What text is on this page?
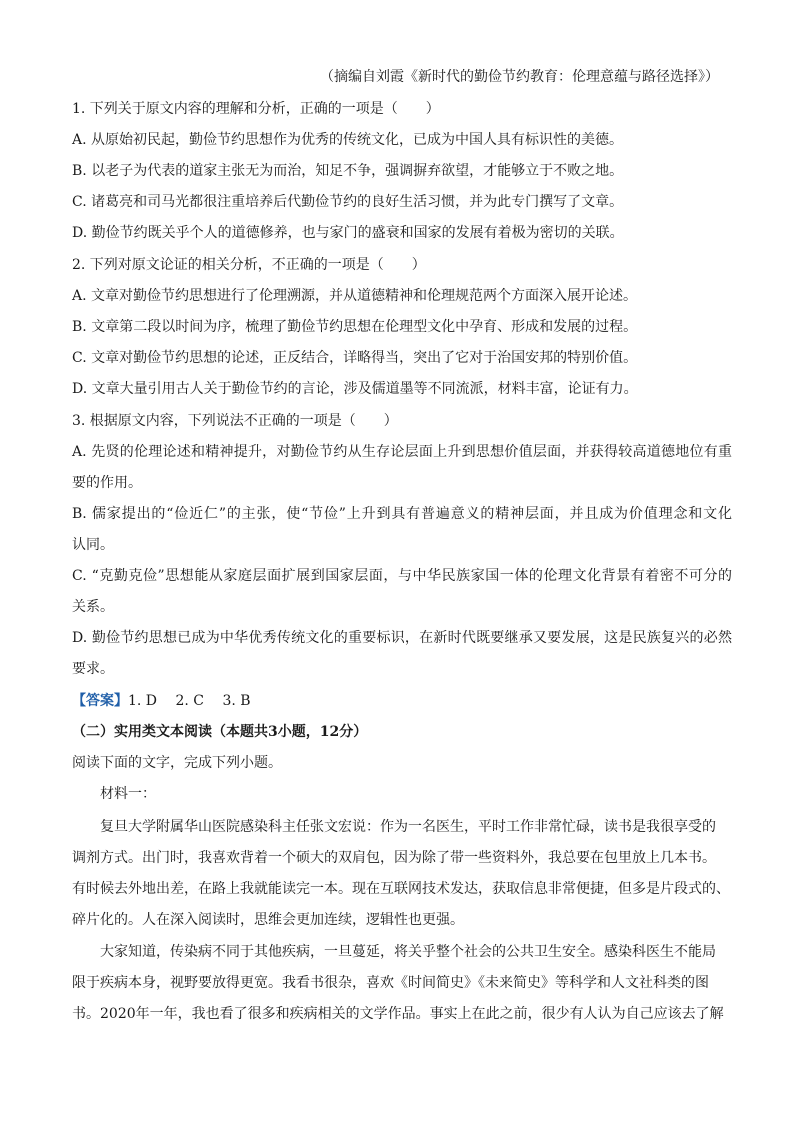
（摘编自刘霞《新时代的勤俭节约教育：伦理意蕴与路径选择》）
1. 下列关于原文内容的理解和分析，正确的一项是（　　）
A. 从原始初民起，勤俭节约思想作为优秀的传统文化，已成为中国人具有标识性的美德。
B. 以老子为代表的道家主张无为而治，知足不争，强调摒弃欲望，才能够立于不败之地。
C. 诸葛亮和司马光都很注重培养后代勤俭节约的良好生活习惯，并为此专门撰写了文章。
D. 勤俭节约既关乎个人的道德修养，也与家门的盛衰和国家的发展有着极为密切的关联。
2. 下列对原文论证的相关分析，不正确的一项是（　　）
A. 文章对勤俭节约思想进行了伦理溯源，并从道德精神和伦理规范两个方面深入展开论述。
B. 文章第二段以时间为序，梳理了勤俭节约思想在伦理型文化中孕育、形成和发展的过程。
C. 文章对勤俭节约思想的论述，正反结合，详略得当，突出了它对于治国安邦的特别价值。
D. 文章大量引用古人关于勤俭节约的言论，涉及儒道墨等不同流派，材料丰富，论证有力。
3. 根据原文内容，下列说法不正确的一项是（　　）
A. 先贤的伦理论述和精神提升，对勤俭节约从生存论层面上升到思想价值层面，并获得较高道德地位有重
要的作用。
B. 儒家提出的“俭近仁”的主张，使“节俭”上升到具有普遍意义的精神层面，并且成为价值理念和文化
认同。
C. “克勤克俭”思想能从家庭层面扩展到国家层面，与中华民族家国一体的伦理文化背景有着密不可分的
关系。
D. 勤俭节约思想已成为中华优秀传统文化的重要标识，在新时代既要继承又要发展，这是民族复兴的必然
要求。
【答案】1. D　 2. C　 3. B
（二）实用类文本阅读（本题共3小题，12分）
阅读下面的文字，完成下列小题。
材料一：
复旦大学附属华山医院感染科主任张文宏说：作为一名医生，平时工作非常忙碌，读书是我很享受的
调剂方式。出门时，我喜欢背着一个硕大的双肩包，因为除了带一些资料外，我总要在包里放上几本书。
有时候去外地出差，在路上我就能读完一本。现在互联网技术发达，获取信息非常便捷，但多是片段式的、
碎片化的。人在深入阅读时，思维会更加连续，逻辑性也更强。
大家知道，传染病不同于其他疾病，一旦蔓延，将关乎整个社会的公共卫生安全。感染科医生不能局
限于疾病本身，视野要放得更宽。我看书很杂，喜欢《时间简史》《未来简史》等科学和人文社科类的图
书。2020年一年，我也看了很多和疾病相关的文学作品。事实上在此之前，很少有人认为自己应该去了解
